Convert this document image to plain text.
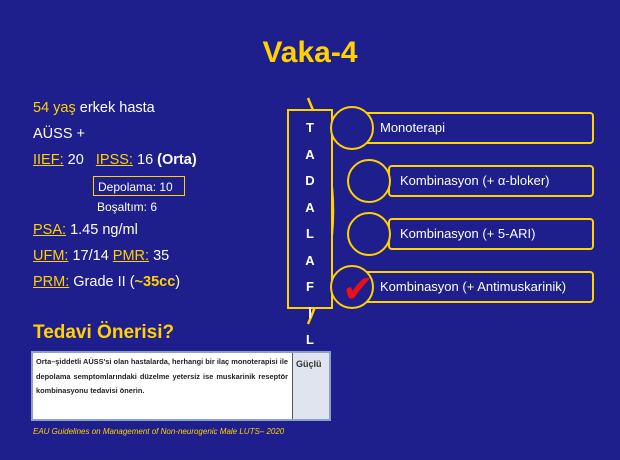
Vaka-4
54 yaş erkek hasta
AÜSS +
IIEF: 20 IPSS: 16 (Orta)
Depolama: 10
Boşaltım: 6
PSA: 1.45 ng/ml
UFM: 17/14 PMR: 35
PRM: Grade II (~35cc)
Tedavi Önerisi?
Orta–şiddetli AÜSS'si olan hastalarda, herhangi bir ilaç monoterapisi ile depolama semptomlarındaki düzelme yetersiz ise muskarinik reseptör kombinasyonu tedavisi önerin.
Güçlü
EAU Guidelines on Management of Non-neurogenic Male LUTS– 2020
T
A
D
A
L
A
F
İ
L
Monoterapi
Kombinasyon (+ α-bloker)
Kombinasyon (+ 5-ARI)
Kombinasyon (+ Antimuskarinik)
✔
